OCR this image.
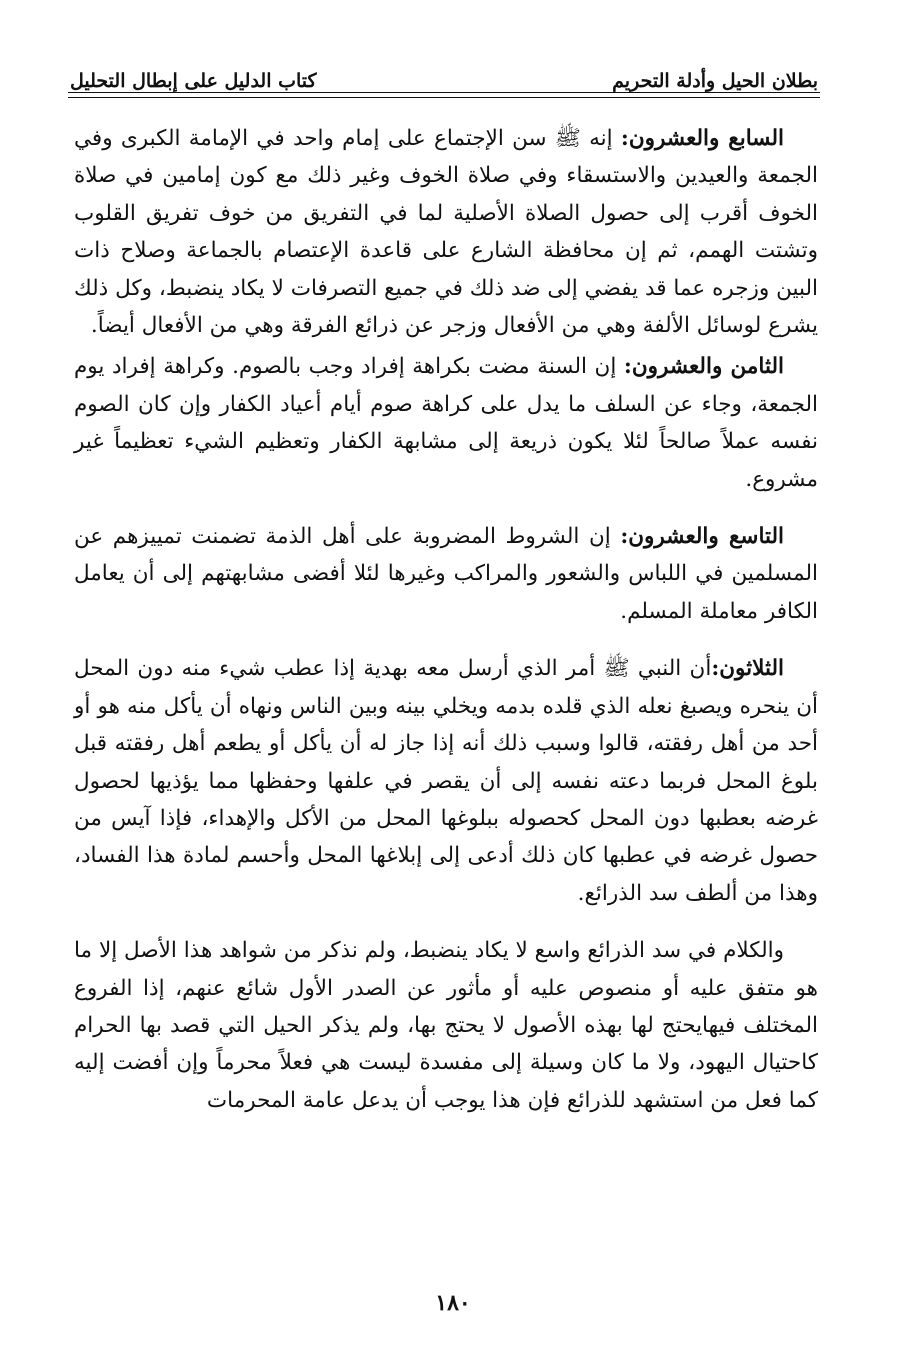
بطلان الحيل وأدلة التحريم
كتاب الدليل على إبطال التحليل

السابع والعشرون: إنه ﷺ سن الإجتماع على إمام واحد في الإمامة الكبرى وفي الجمعة والعيدين والاستسقاء وفي صلاة الخوف وغير ذلك مع كون إمامين في صلاة الخوف أقرب إلى حصول الصلاة الأصلية لما في التفريق من خوف تفريق القلوب وتشتت الهمم، ثم إن محافظة الشارع على قاعدة الإعتصام بالجماعة وصلاح ذات البين وزجره عما قد يفضي إلى ضد ذلك في جميع التصرفات لا يكاد ينضبط، وكل ذلك يشرع لوسائل الألفة وهي من الأفعال وزجر عن ذرائع الفرقة وهي من الأفعال أيضاً.

الثامن والعشرون: إن السنة مضت بكراهة إفراد وجب بالصوم. وكراهة إفراد يوم الجمعة، وجاء عن السلف ما يدل على كراهة صوم أيام أعياد الكفار وإن كان الصوم نفسه عملاً صالحاً لئلا يكون ذريعة إلى مشابهة الكفار وتعظيم الشيء تعظيماً غير مشروع.

التاسع والعشرون: إن الشروط المضروبة على أهل الذمة تضمنت تمييزهم عن المسلمين في اللباس والشعور والمراكب وغيرها لئلا أفضى مشابهتهم إلى أن يعامل الكافر معاملة المسلم.

الثلاثون:أن النبي ﷺ أمر الذي أرسل معه بهدية إذا عطب شيء منه دون المحل أن ينحره ويصبغ نعله الذي قلده بدمه ويخلي بينه وبين الناس ونهاه أن يأكل منه هو أو أحد من أهل رفقته، قالوا وسبب ذلك أنه إذا جاز له أن يأكل أو يطعم أهل رفقته قبل بلوغ المحل فربما دعته نفسه إلى أن يقصر في علفها وحفظها مما يؤذيها لحصول غرضه بعطبها دون المحل كحصوله ببلوغها المحل من الأكل والإهداء، فإذا آيس من حصول غرضه في عطبها كان ذلك أدعى إلى إبلاغها المحل وأحسم لمادة هذا الفساد، وهذا من ألطف سد الذرائع.

والكلام في سد الذرائع واسع لا يكاد ينضبط، ولم نذكر من شواهد هذا الأصل إلا ما هو متفق عليه أو منصوص عليه أو مأثور عن الصدر الأول شائع عنهم، إذا الفروع المختلف فيهايحتج لها بهذه الأصول لا يحتج بها، ولم يذكر الحيل التي قصد بها الحرام كاحتيال اليهود، ولا ما كان وسيلة إلى مفسدة ليست هي فعلاً محرماً وإن أفضت إليه كما فعل من استشهد للذرائع فإن هذا يوجب أن يدعل عامة المحرمات

١٨٠
